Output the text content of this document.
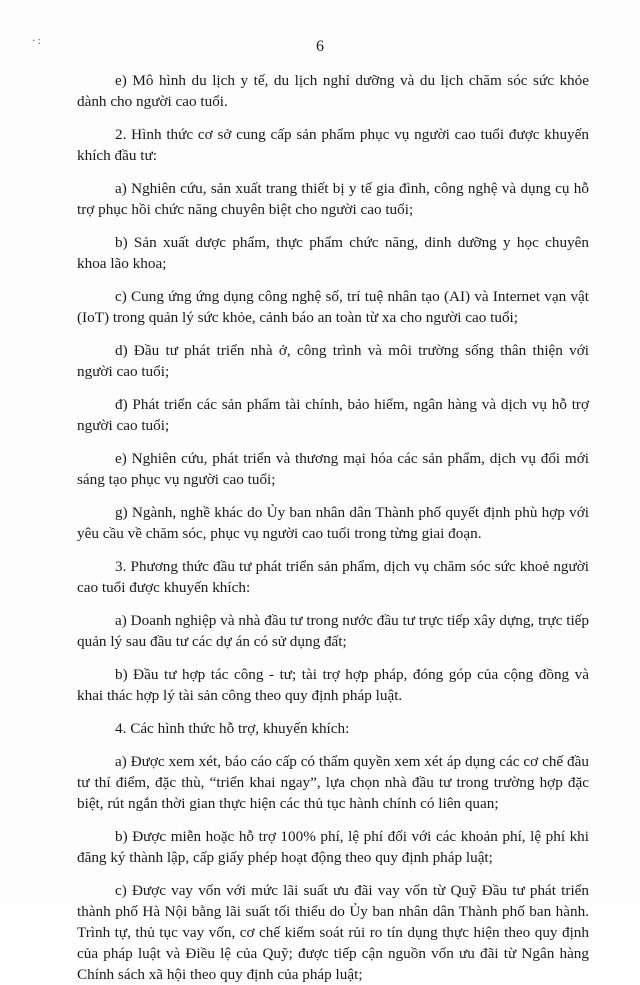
· :	6

e) Mô hình du lịch y tế, du lịch nghỉ dưỡng và du lịch chăm sóc sức khỏe dành cho người cao tuổi.

2. Hình thức cơ sở cung cấp sản phẩm phục vụ người cao tuổi được khuyến khích đầu tư:

a) Nghiên cứu, sản xuất trang thiết bị y tế gia đình, công nghệ và dụng cụ hỗ trợ phục hồi chức năng chuyên biệt cho người cao tuổi;

b) Sản xuất dược phẩm, thực phẩm chức năng, dinh dưỡng y học chuyên khoa lão khoa;

c) Cung ứng ứng dụng công nghệ số, trí tuệ nhân tạo (AI) và Internet vạn vật (IoT) trong quản lý sức khỏe, cảnh báo an toàn từ xa cho người cao tuổi;

d) Đầu tư phát triển nhà ở, công trình và môi trường sống thân thiện với người cao tuổi;

đ) Phát triển các sản phẩm tài chính, bảo hiểm, ngân hàng và dịch vụ hỗ trợ người cao tuổi;

e) Nghiên cứu, phát triển và thương mại hóa các sản phẩm, dịch vụ đổi mới sáng tạo phục vụ người cao tuổi;

g) Ngành, nghề khác do Ủy ban nhân dân Thành phố quyết định phù hợp với yêu cầu về chăm sóc, phục vụ người cao tuổi trong từng giai đoạn.

3. Phương thức đầu tư phát triển sản phẩm, dịch vụ chăm sóc sức khoẻ người cao tuổi được khuyến khích:

a) Doanh nghiệp và nhà đầu tư trong nước đầu tư trực tiếp xây dựng, trực tiếp quản lý sau đầu tư các dự án có sử dụng đất;

b) Đầu tư hợp tác công - tư; tài trợ hợp pháp, đóng góp của cộng đồng và khai thác hợp lý tài sản công theo quy định pháp luật.

4. Các hình thức hỗ trợ, khuyến khích:

a) Được xem xét, báo cáo cấp có thẩm quyền xem xét áp dụng các cơ chế đầu tư thí điểm, đặc thù, “triển khai ngay”, lựa chọn nhà đầu tư trong trường hợp đặc biệt, rút ngắn thời gian thực hiện các thủ tục hành chính có liên quan;

b) Được miễn hoặc hỗ trợ 100% phí, lệ phí đối với các khoản phí, lệ phí khi đăng ký thành lập, cấp giấy phép hoạt động theo quy định pháp luật;

c) Được vay vốn với mức lãi suất ưu đãi vay vốn từ Quỹ Đầu tư phát triển thành phố Hà Nội bằng lãi suất tối thiểu do Ủy ban nhân dân Thành phố ban hành. Trình tự, thủ tục vay vốn, cơ chế kiểm soát rủi ro tín dụng thực hiện theo quy định của pháp luật và Điều lệ của Quỹ; được tiếp cận nguồn vốn ưu đãi từ Ngân hàng Chính sách xã hội theo quy định của pháp luật;
